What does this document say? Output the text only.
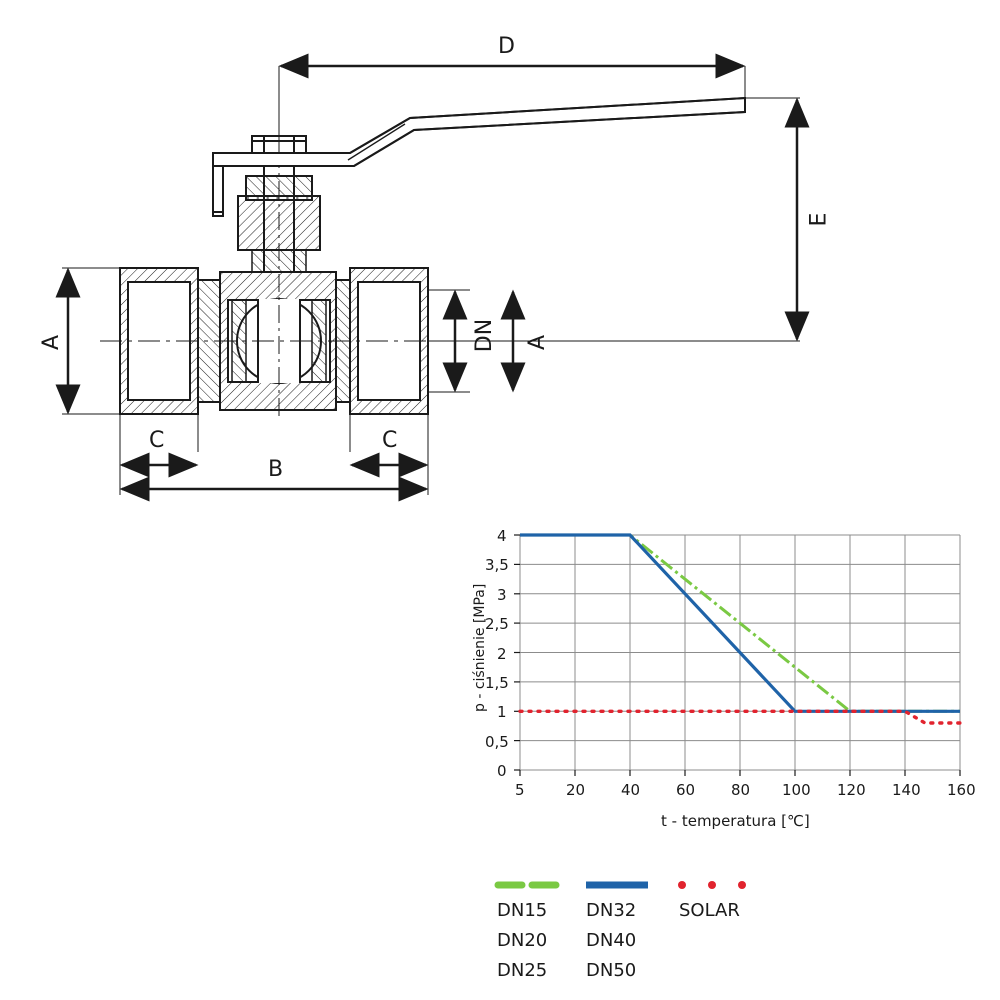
D
E
A	DN A
C	C
B
4
3,5
3
2,5
2
1,5
1
0,5
0
5	20 40 60 80 100 120 140 160
p - ciśnienie [MPa]
t - temperatura [℃]
DN15
DN20
DN25
DN32
DN40
DN50
SOLAR
